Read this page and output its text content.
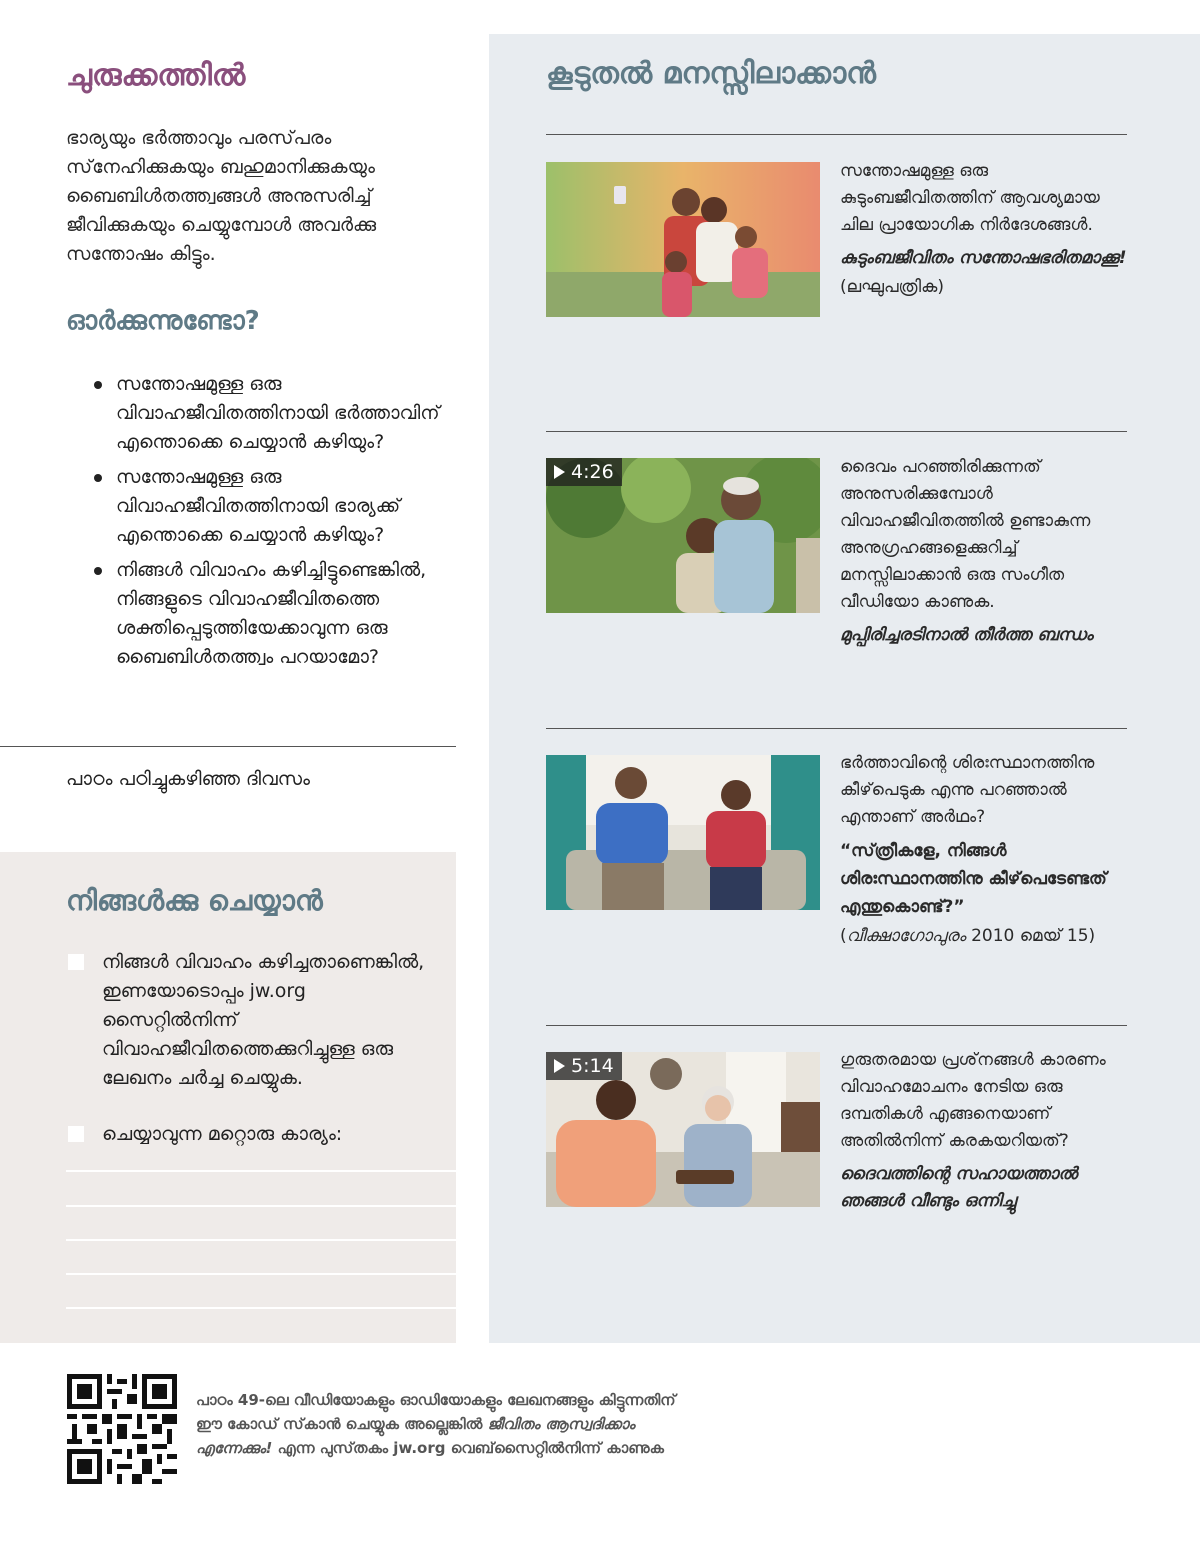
ചുരുക്കത്തിൽ

ഭാര്യയും ഭർത്താവും പരസ്‌പരം സ്‌നേഹിക്കുകയും ബഹുമാനിക്കുകയും ബൈബിൾതത്ത്വങ്ങൾ അനുസരിച്ച് ജീവിക്കുകയും ചെയ്യുമ്പോൾ അവർക്കു സന്തോഷം കിട്ടും.

ഓർക്കുന്നുണ്ടോ?
സന്തോഷമുള്ള ഒരു വിവാഹജീവിതത്തിനായി ഭർത്താവിന്‌ എന്തൊക്കെ ചെയ്യാൻ കഴിയും?
സന്തോഷമുള്ള ഒരു വിവാഹജീവിതത്തിനായി ഭാര്യക്ക്‌ എന്തൊക്കെ ചെയ്യാൻ കഴിയും?
നിങ്ങൾ വിവാഹം കഴിച്ചിട്ടുണ്ടെങ്കിൽ, നിങ്ങളുടെ വിവാഹജീവിതത്തെ ശക്തിപ്പെടുത്തിയേക്കാവുന്ന ഒരു ബൈബിൾതത്ത്വം പറയാമോ?
പാഠം പഠിച്ചുകഴിഞ്ഞ ദിവസം
നിങ്ങൾക്കു ചെയ്യാൻ
നിങ്ങൾ വിവാഹം കഴിച്ചതാണെങ്കിൽ, ഇണയോടൊപ്പം jw.org സൈറ്റിൽനിന്ന്‌ വിവാഹജീവിതത്തെക്കുറിച്ചുള്ള ഒരു ലേഖനം ചർച്ച ചെയ്യുക.
ചെയ്യാവുന്ന മറ്റൊരു കാര്യം:
കൂടുതൽ മനസ്സിലാക്കാൻ

സന്തോഷമുള്ള ഒരു കുടുംബജീവിതത്തിന്‌ ആവശ്യമായ ചില പ്രായോഗിക നിർദേശങ്ങൾ.

കുടുംബജീവിതം സന്തോഷഭരിതമാക്കൂ!

(ലഘുപത്രിക)

4:26	ദൈവം പറഞ്ഞിരിക്കുന്നത്‌ അനുസരിക്കുമ്പോൾ വിവാഹജീവിതത്തിൽ ഉണ്ടാകുന്ന അനുഗ്രഹങ്ങളെക്കുറിച്ച് മനസ്സിലാക്കാൻ ഒരു സംഗീത വീഡിയോ കാണുക.

മുപ്പിരിച്ചരടിനാൽ തീർത്ത ബന്ധം

ഭർത്താവിന്റെ ശിരഃസ്ഥാനത്തിനു കീഴ്‌പെടുക എന്നു പറഞ്ഞാൽ എന്താണ്‌ അർഥം?

“സ്‌ത്രീകളേ, നിങ്ങൾ ശിരഃസ്ഥാനത്തിനു കീഴ്‌പെടേണ്ടത്‌ എന്തുകൊണ്ട്‌?”

(വീക്ഷാഗോപുരം 2010 മെയ്‌ 15)

5:14	ഗുരുതരമായ പ്രശ്‌നങ്ങൾ കാരണം വിവാഹമോചനം നേടിയ ഒരു ദമ്പതികൾ എങ്ങനെയാണ്‌ അതിൽനിന്ന്‌ കരകയറിയത്‌?

ദൈവത്തിന്റെ സഹായത്താൽ ഞങ്ങൾ വീണ്ടും ഒന്നിച്ചു

പാഠം 49-ലെ വീഡിയോകളും ഓഡിയോകളും ലേഖനങ്ങളും കിട്ടുന്നതിന്‌ ഈ കോഡ്‌ സ്‌കാൻ ചെയ്യുക അല്ലെങ്കിൽ ജീവിതം ആസ്വദിക്കാം എന്നേക്കും! എന്ന പുസ്‌തകം jw.org വെബ്‌സൈറ്റിൽനിന്ന്‌ കാണുക
